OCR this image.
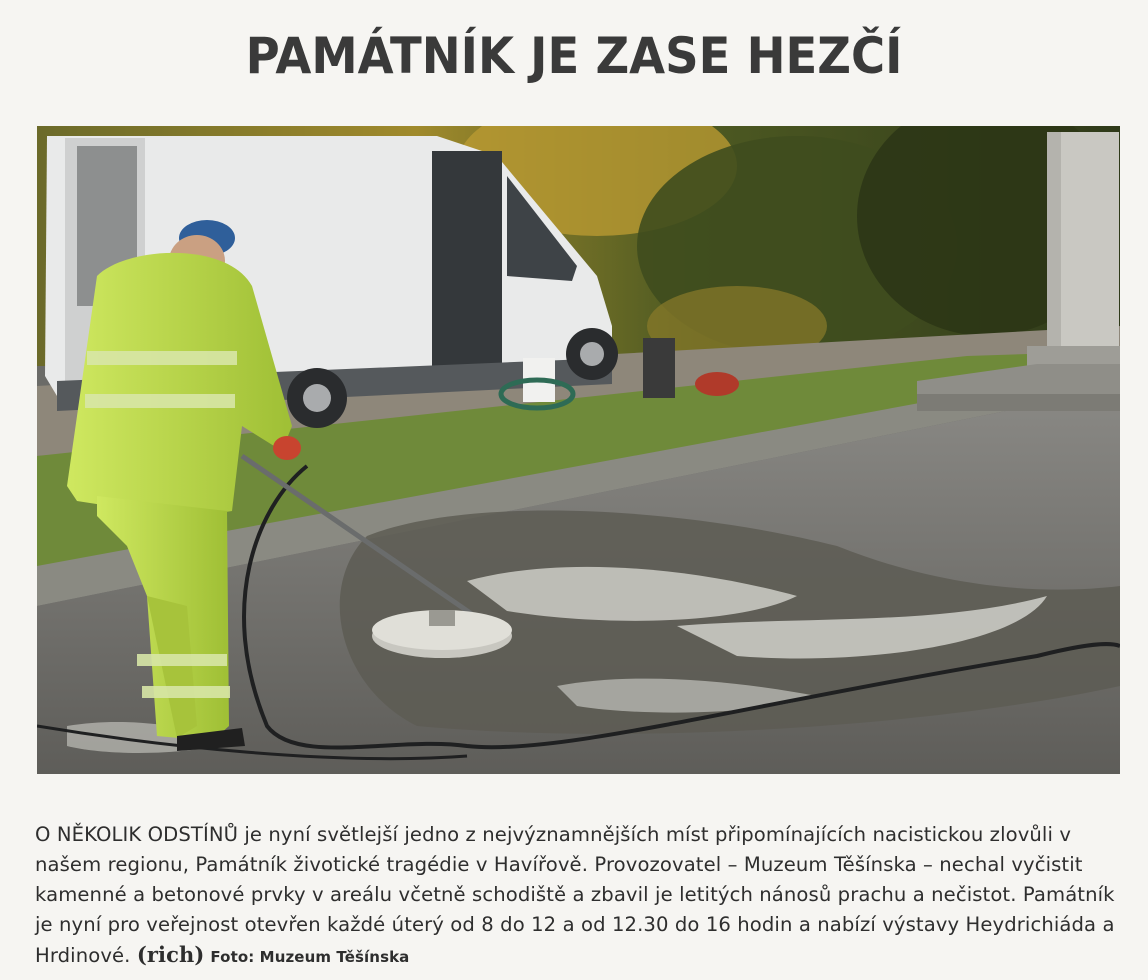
PAMÁTNÍK JE ZASE HEZČÍ
O NĚKOLIK ODSTÍNŮ je nyní světlejší jedno z nejvýznamnějších míst připomínajících nacistickou zlovůli v našem regionu, Památník životické tragédie v Havířově. Provozovatel – Muzeum Těšínska – nechal vyčistit kamenné a betonové prvky v areálu včetně schodiště a zbavil je letitých nánosů prachu a nečistot. Památník je nyní pro veřejnost otevřen každé úterý od 8 do 12 a od 12.30 do 16 hodin a nabízí výstavy Heydrichiáda a Hrdinové. (rich) Foto: Muzeum Těšínska
